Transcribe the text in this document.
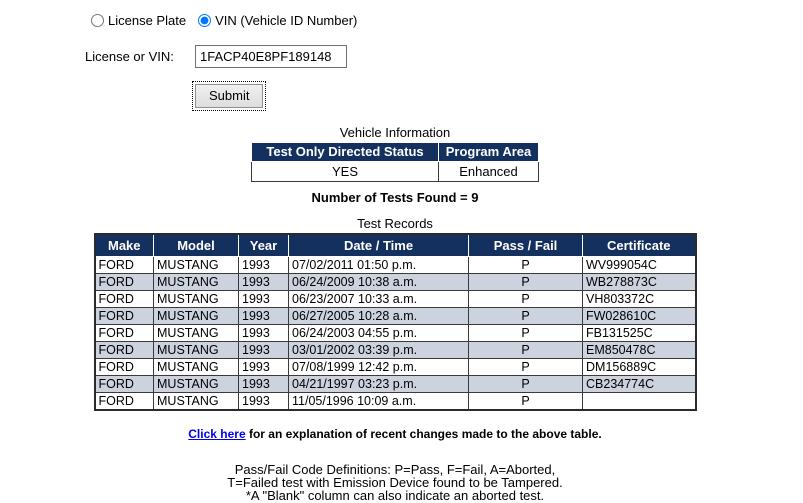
License Plate VIN (Vehicle ID Number)
License or VIN:
1FACP40E8PF189148
Submit
Vehicle Information
Test Only Directed Status	Program Area
YES	Enhanced
Number of Tests Found = 9
Test Records
Make	Model	Year	Date / Time	Pass / Fail	Certificate
FORD	MUSTANG	1993	07/02/2011 01:50 p.m.	P	WV999054C
FORD	MUSTANG	1993	06/24/2009 10:38 a.m.	P	WB278873C
FORD	MUSTANG	1993	06/23/2007 10:33 a.m.	P	VH803372C
FORD	MUSTANG	1993	06/27/2005 10:28 a.m.	P	FW028610C
FORD	MUSTANG	1993	06/24/2003 04:55 p.m.	P	FB131525C
FORD	MUSTANG	1993	03/01/2002 03:39 p.m.	P	EM850478C
FORD	MUSTANG	1993	07/08/1999 12:42 p.m.	P	DM156889C
FORD	MUSTANG	1993	04/21/1997 03:23 p.m.	P	CB234774C
FORD	MUSTANG	1993	11/05/1996 10:09 a.m.	P	
Click here for an explanation of recent changes made to the above table.
Pass/Fail Code Definitions: P=Pass, F=Fail, A=Aborted,
T=Failed test with Emission Device found to be Tampered.
*A "Blank" column can also indicate an aborted test.
